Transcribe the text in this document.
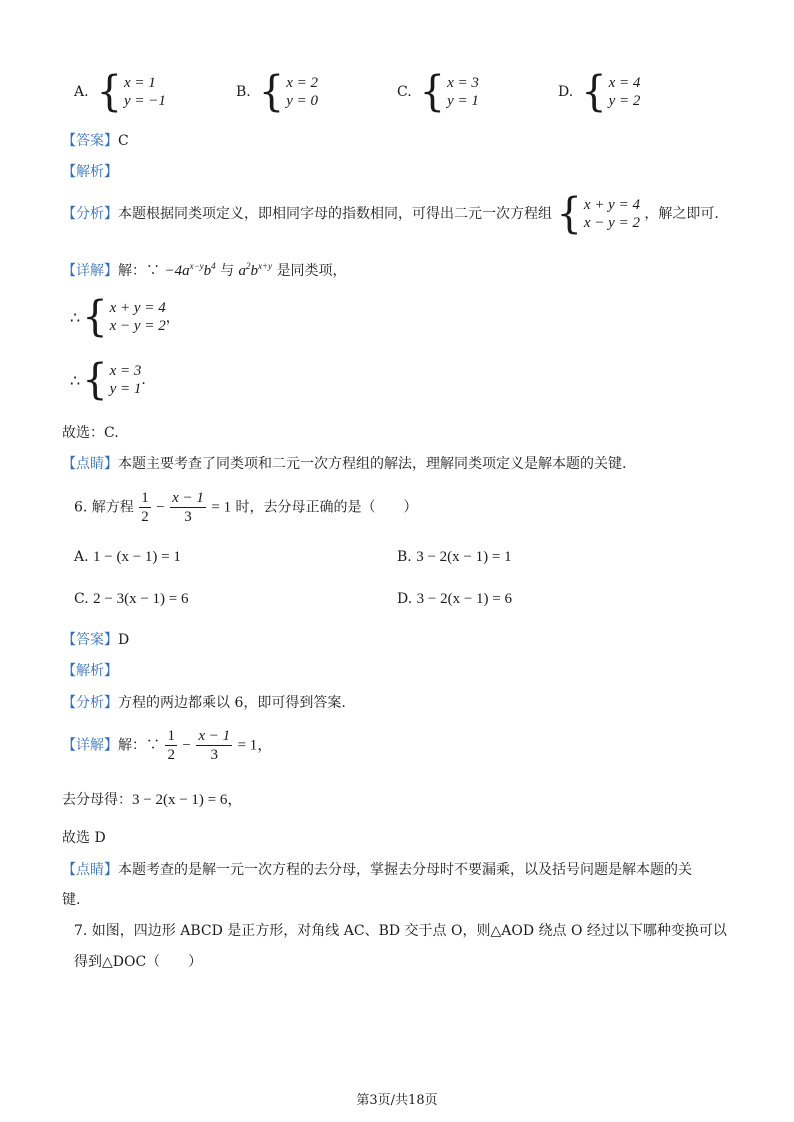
A. { x = 1
y = −1
B. { x = 2
y = 0
C. { x = 3
y = 1
D. { x = 4
y = 2
【答案】C
【解析】
【分析】本题根据同类项定义，即相同字母的指数相同，可得出二元一次方程组 { x + y = 4
x − y = 2
，解之即可.
【详解】解：∵ $-4a^{x-y}b^4$ 与 $a^2b^{x+y}$ 是同类项，
∴ { x + y = 4
x − y = 2 ，
∴ { x = 3
y = 1
.
故选：C.
【点睛】本题主要考查了同类项和二元一次方程组的解法，理解同类项定义是解本题的关键.
6. 解方程 $\frac{1}{2} - \frac{x - 1}{3} = 1$ 时，去分母正确的是（　　）
A. 1 − (x − 1) = 1	B. 3 − 2(x − 1) = 1
C. 2 − 3(x − 1) = 6	D. 3 − 2(x − 1) = 6
【答案】D
【解析】
【分析】方程的两边都乘以 6，即可得到答案.
【详解】解：∵ $\frac{1}{2} - \frac{x - 1}{3} = 1$，
去分母得：3 − 2(x − 1) = 6，
故选 D
【点睛】本题考查的是解一元一次方程的去分母，掌握去分母时不要漏乘，以及括号问题是解本题的关
键.
7. 如图，四边形 ABCD 是正方形，对角线 AC、BD 交于点 O，则△AOD 绕点 O 经过以下哪种变换可以
得到△DOC（　　）
第3页/共18页
